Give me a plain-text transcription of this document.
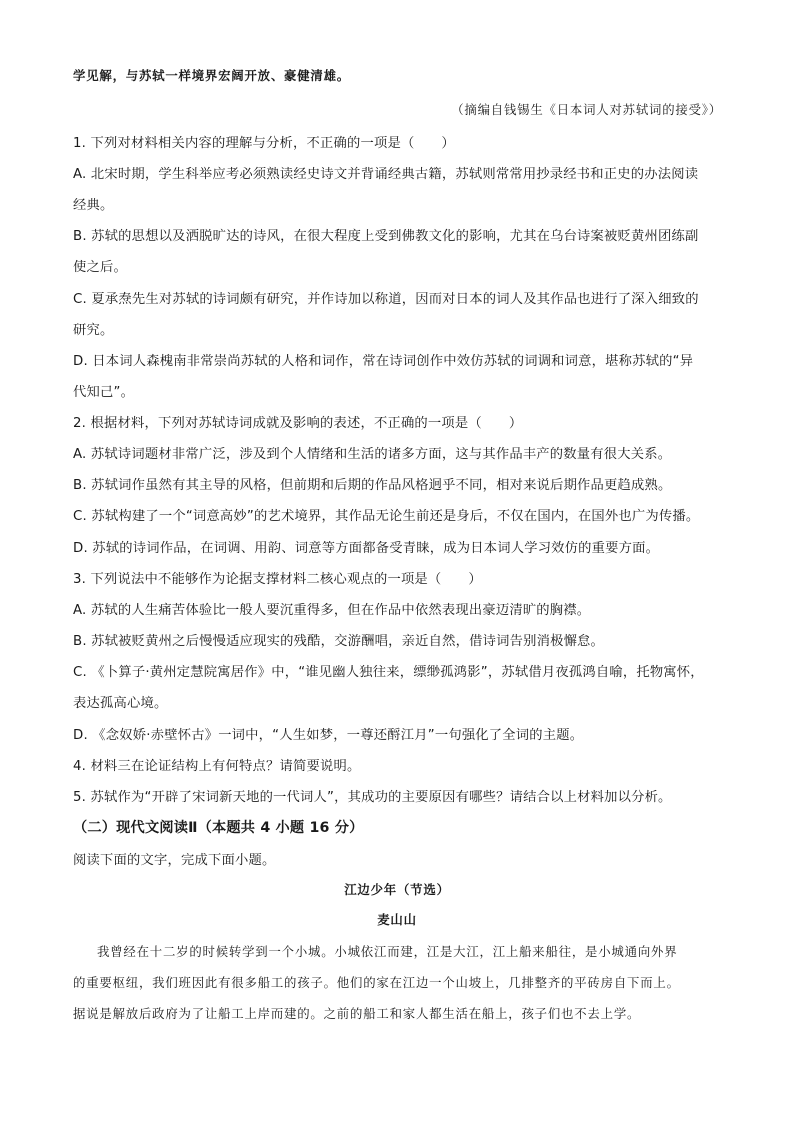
学见解，与苏轼一样境界宏阔开放、豪健清雄。
（摘编自钱锡生《日本词人对苏轼词的接受》）
1. 下列对材料相关内容的理解与分析，不正确的一项是（　　）
A. 北宋时期，学生科举应考必须熟读经史诗文并背诵经典古籍，苏轼则常常用抄录经书和正史的办法阅读
经典。
B. 苏轼的思想以及洒脱旷达的诗风，在很大程度上受到佛教文化的影响，尤其在乌台诗案被贬黄州团练副
使之后。
C. 夏承焘先生对苏轼的诗词颇有研究，并作诗加以称道，因而对日本的词人及其作品也进行了深入细致的
研究。
D. 日本词人森槐南非常崇尚苏轼的人格和词作，常在诗词创作中效仿苏轼的词调和词意，堪称苏轼的“异
代知己”。
2. 根据材料，下列对苏轼诗词成就及影响的表述，不正确的一项是（　　）
A. 苏轼诗词题材非常广泛，涉及到个人情绪和生活的诸多方面，这与其作品丰产的数量有很大关系。
B. 苏轼词作虽然有其主导的风格，但前期和后期的作品风格迥乎不同，相对来说后期作品更趋成熟。
C. 苏轼构建了一个“词意高妙”的艺术境界，其作品无论生前还是身后，不仅在国内，在国外也广为传播。
D. 苏轼的诗词作品，在词调、用韵、词意等方面都备受青睐，成为日本词人学习效仿的重要方面。
3. 下列说法中不能够作为论据支撑材料二核心观点的一项是（　　）
A. 苏轼的人生痛苦体验比一般人要沉重得多，但在作品中依然表现出豪迈清旷的胸襟。
B. 苏轼被贬黄州之后慢慢适应现实的残酷，交游酬唱，亲近自然，借诗词告别消极懈怠。
C. 《卜算子·黄州定慧院寓居作》中，“谁见幽人独往来，缥缈孤鸿影”，苏轼借月夜孤鸿自喻，托物寓怀，
表达孤高心境。
D. 《念奴娇·赤壁怀古》一词中，“人生如梦，一尊还酹江月”一句强化了全词的主题。
4. 材料三在论证结构上有何特点？请简要说明。
5. 苏轼作为“开辟了宋词新天地的一代词人”，其成功的主要原因有哪些？请结合以上材料加以分析。
（二）现代文阅读Ⅱ（本题共 4 小题 16 分）
阅读下面的文字，完成下面小题。
江边少年（节选）
麦山山
我曾经在十二岁的时候转学到一个小城。小城依江而建，江是大江，江上船来船往，是小城通向外界
的重要枢纽，我们班因此有很多船工的孩子。他们的家在江边一个山坡上，几排整齐的平砖房自下而上。
据说是解放后政府为了让船工上岸而建的。之前的船工和家人都生活在船上，孩子们也不去上学。
